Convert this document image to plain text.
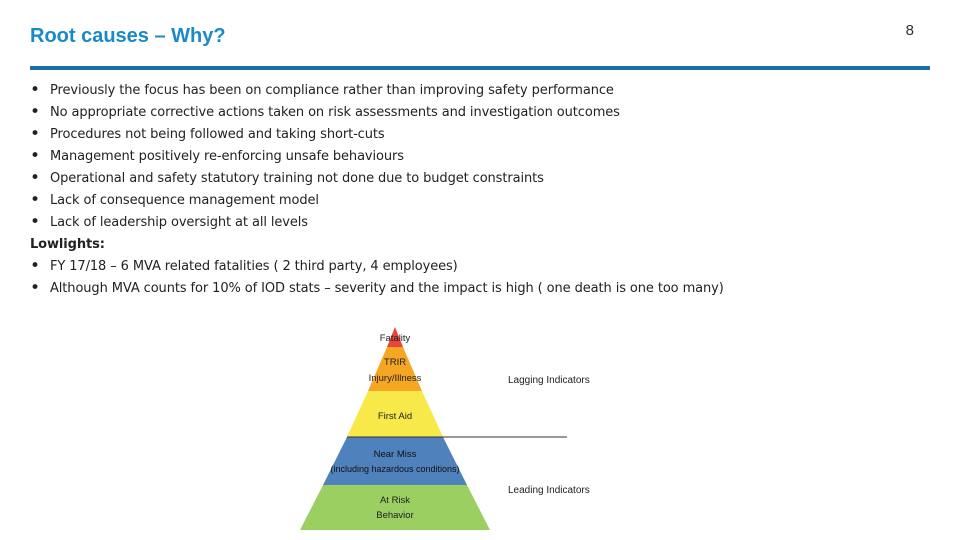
Root causes – Why?	8
• Previously the focus has been on compliance rather than improving safety performance
• No appropriate corrective actions taken on risk assessments and investigation outcomes
• Procedures not being followed and taking short-cuts
• Management positively re-enforcing unsafe behaviours
• Operational and safety statutory training not done due to budget constraints
• Lack of consequence management model
• Lack of leadership oversight at all levels
Lowlights:
• FY 17/18 – 6 MVA related fatalities ( 2 third party, 4 employees)
• Although MVA counts for 10% of IOD stats – severity and the impact is high ( one death is one too many)
Fatality
TRIR
Injury/Illness
First Aid
Near Miss
(including hazardous conditions)
At Risk
Behavior
Lagging Indicators
Leading Indicators
